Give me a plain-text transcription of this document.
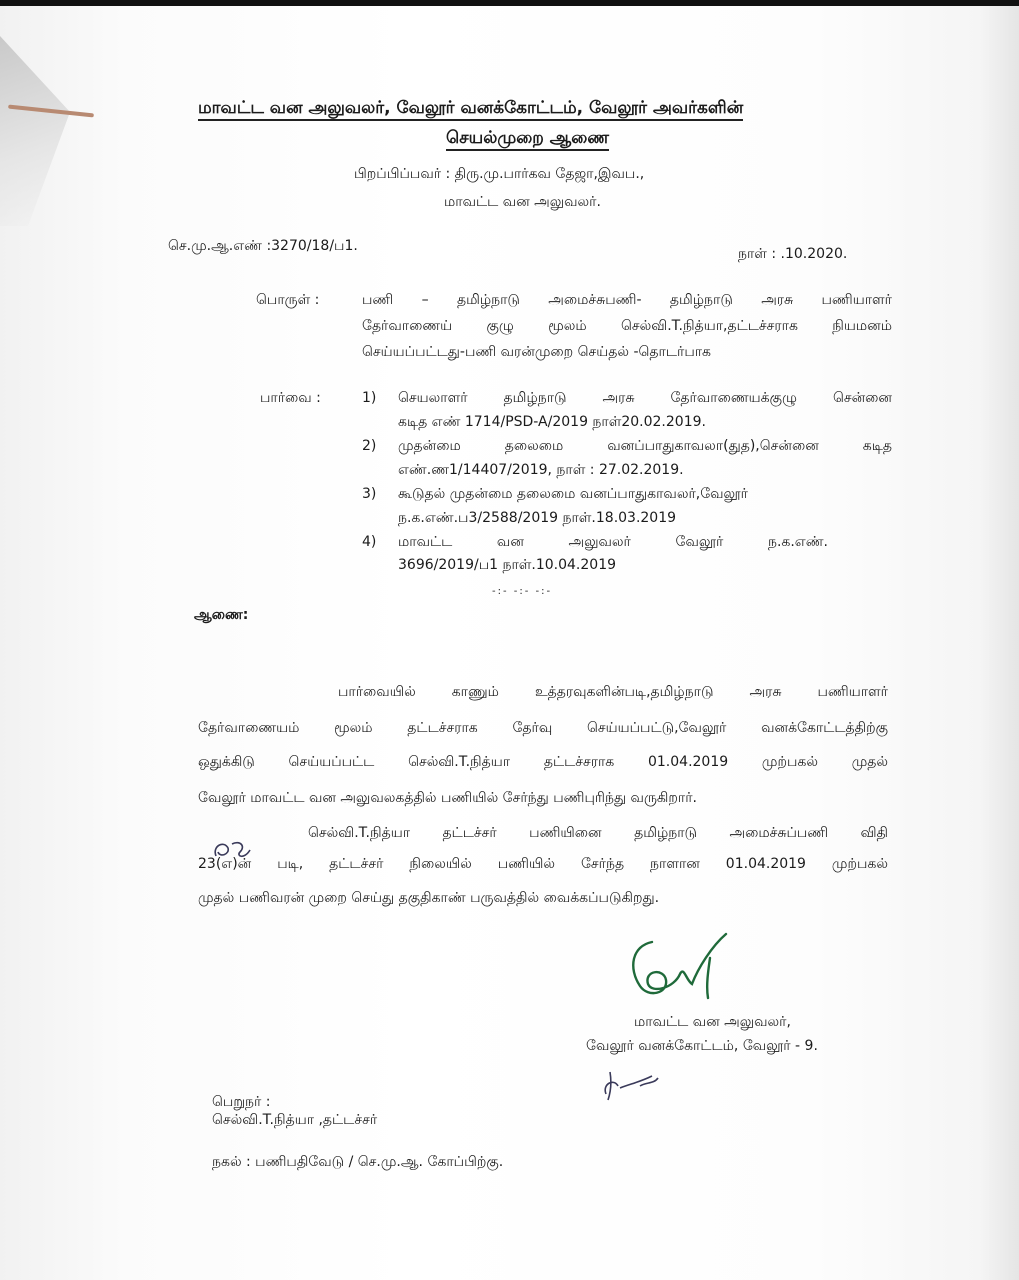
மாவட்ட வன அலுவலர், வேலூர் வனக்கோட்டம், வேலூர் அவர்களின்
செயல்முறை ஆணை
பிறப்பிப்பவர் : திரு.மு.பார்கவ தேஜா,இவப.,
மாவட்ட வன அலுவலர்.
செ.மு.ஆ.எண் :3270/18/ப1.	நாள் : .10.2020.
பொருள் :	பணி – தமிழ்நாடு அமைச்சுபணி- தமிழ்நாடு அரசு பணியாளர்
தேர்வாணைய் குழு மூலம் செல்வி.T.நித்யா,தட்டச்சராக நியமனம்
செய்யப்பட்டது-பணி வரன்முறை செய்தல் -தொடர்பாக
பார்வை :	1) செயலாளர் தமிழ்நாடு அரசு தேர்வாணையக்குழு சென்னை
கடித எண் 1714/PSD-A/2019 நாள்20.02.2019.
2) முதன்மை தலைமை வனப்பாதுகாவலா(துத),சென்னை கடித
எண்.ண1/14407/2019, நாள் : 27.02.2019.
3) கூடுதல் முதன்மை தலைமை வனப்பாதுகாவலர்,வேலூர்
ந.க.எண்.ப3/2588/2019 நாள்.18.03.2019
4) மாவட்ட வன அலுவலர் வேலூர் ந.க.எண்.
3696/2019/ப1 நாள்.10.04.2019
-:- -:- -:-
ஆணை:
பார்வையில் காணும் உத்தரவுகளின்படி,தமிழ்நாடு அரசு பணியாளர்
தேர்வாணையம் மூலம் தட்டச்சராக தேர்வு செய்யப்பட்டு,வேலூர் வனக்கோட்டத்திற்கு
ஒதுக்கிடு செய்யப்பட்ட செல்வி.T.நித்யா தட்டச்சராக 01.04.2019 முற்பகல் முதல்
வேலூர் மாவட்ட வன அலுவலகத்தில் பணியில் சேர்ந்து பணிபுரிந்து வருகிறார்.
செல்வி.T.நித்யா தட்டச்சர் பணியினை தமிழ்நாடு அமைச்சுப்பணி விதி
23(எ)ன் படி, தட்டச்சர் நிலையில் பணியில் சேர்ந்த நாளான 01.04.2019 முற்பகல்
முதல் பணிவரன் முறை செய்து தகுதிகாண் பருவத்தில் வைக்கப்படுகிறது.
மாவட்ட வன அலுவலர்,
வேலூர் வனக்கோட்டம், வேலூர் - 9.
பெறுநர் :
செல்வி.T.நித்யா ,தட்டச்சர்
நகல் : பணிபதிவேடு / செ.மு.ஆ. கோப்பிற்கு.
